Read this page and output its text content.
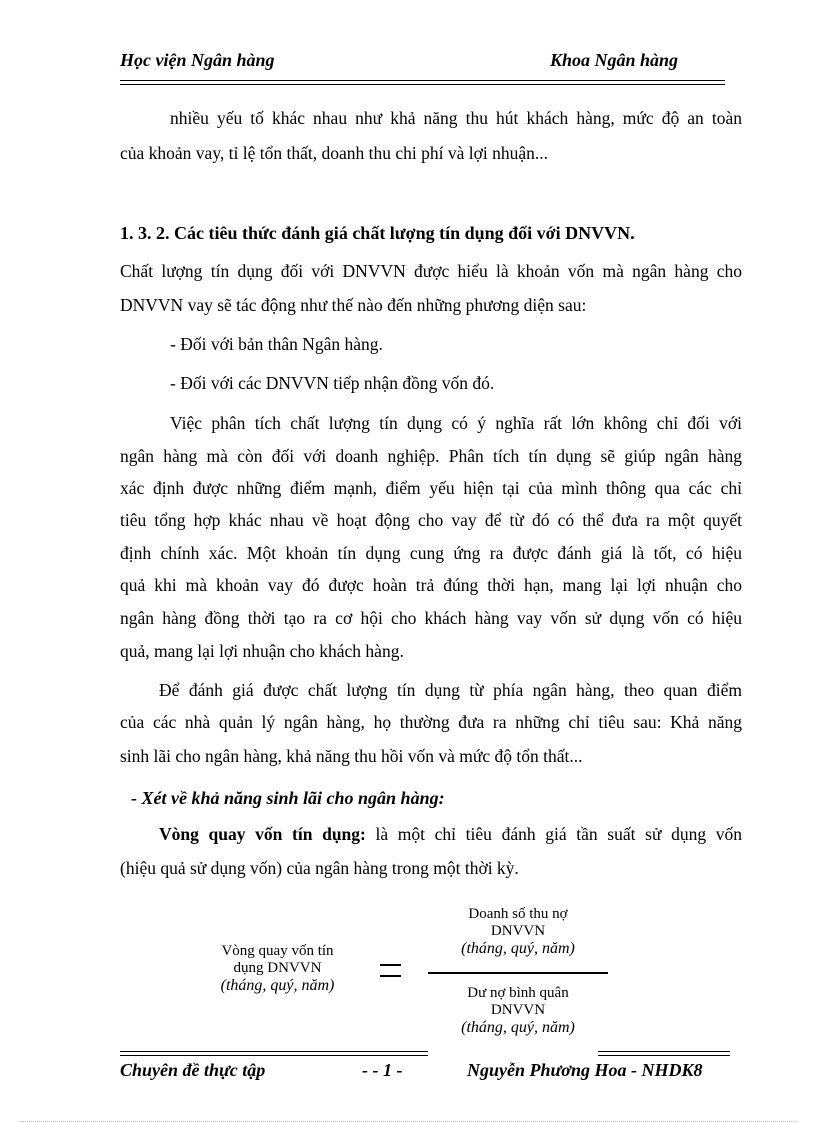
Học viện Ngân hàng	Khoa Ngân hàng
nhiều yếu tố khác nhau như khả năng thu hút khách hàng, mức độ an toàn
của khoản vay, tỉ lệ tổn thất, doanh thu chi phí và lợi nhuận...
1. 3. 2. Các tiêu thức đánh giá chất lượng tín dụng đối với DNVVN.
Chất lượng tín dụng đối với DNVVN được hiểu là khoản vốn mà ngân hàng cho
DNVVN vay sẽ tác động như thế nào đến những phương diện sau:
- Đối với bản thân Ngân hàng.
- Đối với các DNVVN tiếp nhận đồng vốn đó.
Việc phân tích chất lượng tín dụng có ý nghĩa rất lớn không chỉ đối với
ngân hàng mà còn đối với doanh nghiệp. Phân tích tín dụng sẽ giúp ngân hàng
xác định được những điểm mạnh, điểm yếu hiện tại của mình thông qua các chỉ
tiêu tổng hợp khác nhau về hoạt động cho vay để từ đó có thể đưa ra một quyết
định chính xác. Một khoản tín dụng cung ứng ra được đánh giá là tốt, có hiệu
quả khi mà khoản vay đó được hoàn trả đúng thời hạn, mang lại lợi nhuận cho
ngân hàng đồng thời tạo ra cơ hội cho khách hàng vay vốn sử dụng vốn có hiệu
quả, mang lại lợi nhuận cho khách hàng.
Để đánh giá được chất lượng tín dụng từ phía ngân hàng, theo quan điểm
của các nhà quản lý ngân hàng, họ thường đưa ra những chỉ tiêu sau: Khả năng
sinh lãi cho ngân hàng, khả năng thu hồi vốn và mức độ tổn thất...
- Xét về khả năng sinh lãi cho ngân hàng:
Vòng quay vốn tín dụng: là một chỉ tiêu đánh giá tần suất sử dụng vốn
(hiệu quả sử dụng vốn) của ngân hàng trong một thời kỳ.
Vòng quay vốn tín
dụng DNVVN
(tháng, quý, năm)
Doanh số thu nợ
DNVVN
(tháng, quý, năm)
Dư nợ bình quân
DNVVN
(tháng, quý, năm)
Chuyên đề thực tập	- - 1 -	Nguyễn Phương Hoa - NHDK8
